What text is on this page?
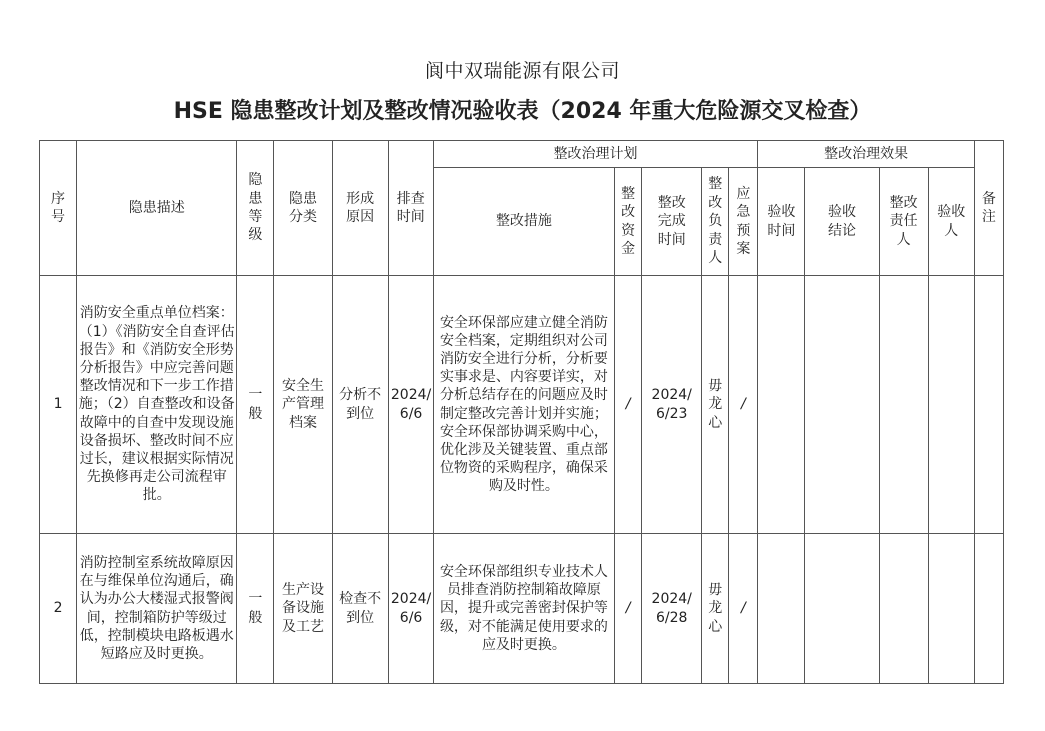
阆中双瑞能源有限公司
HSE 隐患整改计划及整改情况验收表（2024 年重大危险源交叉检查）
序号	隐患描述	隐患等级	隐患分类	形成原因	排查时间	整改治理计划					整改治理效果				备注
						整改措施	整改资金	整改完成时间	整改负责人	应急预案	验收时间	验收结论	整改责任人	验收人	
1	消防安全重点单位档案：（1）《消防安全自查评估报告》和《消防安全形势分析报告》中应完善问题整改情况和下一步工作措施；（2）自查整改和设备故障中的自查中发现设施设备损坏、整改时间不应过长，建议根据实际情况先换修再走公司流程审批。	一般	安全生产管理档案	分析不到位	2024/6/6	安全环保部应建立健全消防安全档案，定期组织对公司消防安全进行分析，分析要实事求是、内容要详实，对分析总结存在的问题应及时制定整改完善计划并实施；安全环保部协调采购中心，优化涉及关键装置、重点部位物资的采购程序，确保采购及时性。	/	2024/6/23	毋龙心	/					
2	消防控制室系统故障原因在与维保单位沟通后，确认为办公大楼湿式报警阀间，控制箱防护等级过低，控制模块电路板遇水短路应及时更换。	一般	生产设备设施及工艺	检查不到位	2024/6/6	安全环保部组织专业技术人员排查消防控制箱故障原因，提升或完善密封保护等级，对不能满足使用要求的应及时更换。	/	2024/6/28	毋龙心	/					
